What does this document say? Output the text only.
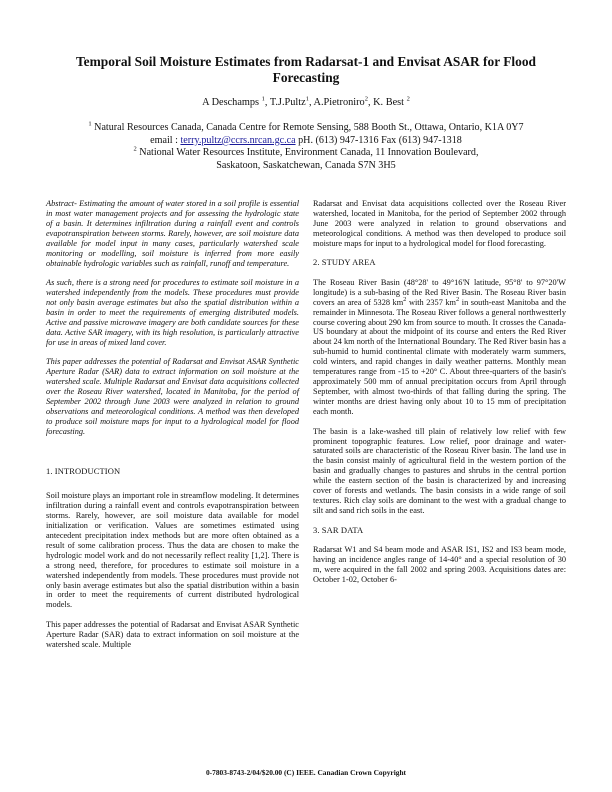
Temporal Soil Moisture Estimates from Radarsat-1 and Envisat ASAR for Flood Forecasting
A Deschamps $^1$, T.J.Pultz$^1$, A.Pietroniro$^2$, K. Best $^2$
$^1$ Natural Resources Canada, Canada Centre for Remote Sensing, 588 Booth St., Ottawa, Ontario, K1A 0Y7
email : terry.pultz@ccrs.nrcan.gc.ca pH. (613) 947-1316 Fax (613) 947-1318
$^2$ National Water Resources Institute, Environment Canada, 11 Innovation Boulevard,
Saskatoon, Saskatchewan, Canada S7N 3H5

Abstract- Estimating the amount of water stored in a soil profile is essential in most water management projects and for assessing the hydrologic state of a basin. It determines infiltration during a rainfall event and controls evapotranspiration between storms. Rarely, however, are soil moisture data available for model input in many cases, particularly watershed scale monitoring or modelling, soil moisture is inferred from more easily obtainable hydrologic variables such as rainfall, runoff and temperature.

As such, there is a strong need for procedures to estimate soil moisture in a watershed independently from the models. These procedures must provide not only basin average estimates but also the spatial distribution within a basin in order to meet the requirements of emerging distributed models. Active and passive microwave imagery are both candidate sources for these data. Active SAR imagery, with its high resolution, is particularly attractive for use in areas of mixed land cover.

This paper addresses the potential of Radarsat and Envisat ASAR Synthetic Aperture Radar (SAR) data to extract information on soil moisture at the watershed scale. Multiple Radarsat and Envisat data acquisitions collected over the Roseau River watershed, located in Manitoba, for the period of September 2002 through June 2003 were analyzed in relation to ground observations and meteorological conditions. A method was then developed to produce soil moisture maps for input to a hydrological model for flood forecasting.

1. INTRODUCTION

Soil moisture plays an important role in streamflow modeling. It determines infiltration during a rainfall event and controls evapotranspiration between storms. Rarely, however, are soil moisture data available for model initialization or verification. Values are sometimes estimated using antecedent precipitation index methods but are more often obtained as a result of some calibration process. Thus the data are chosen to make the hydrologic model work and do not necessarily reflect reality [1,2]. There is a strong need, therefore, for procedures to estimate soil moisture in a watershed independently from models. These procedures must provide not only basin average estimates but also the spatial distribution within a basin in order to meet the requirements of current distributed hydrological models.

This paper addresses the potential of Radarsat and Envisat ASAR Synthetic Aperture Radar (SAR) data to extract information on soil moisture at the watershed scale. Multiple

Radarsat and Envisat data acquisitions collected over the Roseau River watershed, located in Manitoba, for the period of September 2002 through June 2003 were analyzed in relation to ground observations and meteorological conditions. A method was then developed to produce soil moisture maps for input to a hydrological model for flood forecasting.

2. STUDY AREA

The Roseau River Basin (48°28' to 49°16'N latitude, 95°8' to 97°20'W longitude) is a sub-basing of the Red River Basin. The Roseau River basin covers an area of 5328 $km^2$ with 2357 $km^2$ in south-east Manitoba and the remainder in Minnesota. The Roseau River follows a general northwestterly course covering about 290 km from source to mouth. It crosses the Canada-US boundary at about the midpoint of its course and enters the Red River about 24 km north of the International Boundary. The Red River basin has a sub-humid to humid continental climate with moderately warm summers, cold winters, and rapid changes in daily weather patterns. Monthly mean temperatures range from -15 to +20° C. About three-quarters of the basin's approximately 500 mm of annual precipitation occurs from April through September, with almost two-thirds of that falling during the spring. The winter months are driest having only about 10 to 15 mm of precipitation each month.

The basin is a lake-washed till plain of relatively low relief with few prominent topographic features. Low relief, poor drainage and water-saturated soils are characteristic of the Roseau River basin. The land use in the basin consist mainly of agricultural field in the western portion of the basin and gradually changes to pastures and shrubs in the central portion while the eastern section of the basin is characterized by and increasing cover of forests and wetlands. The basin consists in a wide range of soil textures. Rich clay soils are dominant to the west with a gradual change to silt and sand rich soils in the east.

3. SAR DATA

Radarsat W1 and S4 beam mode and ASAR IS1, IS2 and IS3 beam mode, having an incidence angles range of 14-40° and a special resolution of 30 m, were acquired in the fall 2002 and spring 2003. Acquisitions dates are: October 1-02, October 6-

0-7803-8743-2/04/$20.00 (C) IEEE. Canadian Crown Copyright
